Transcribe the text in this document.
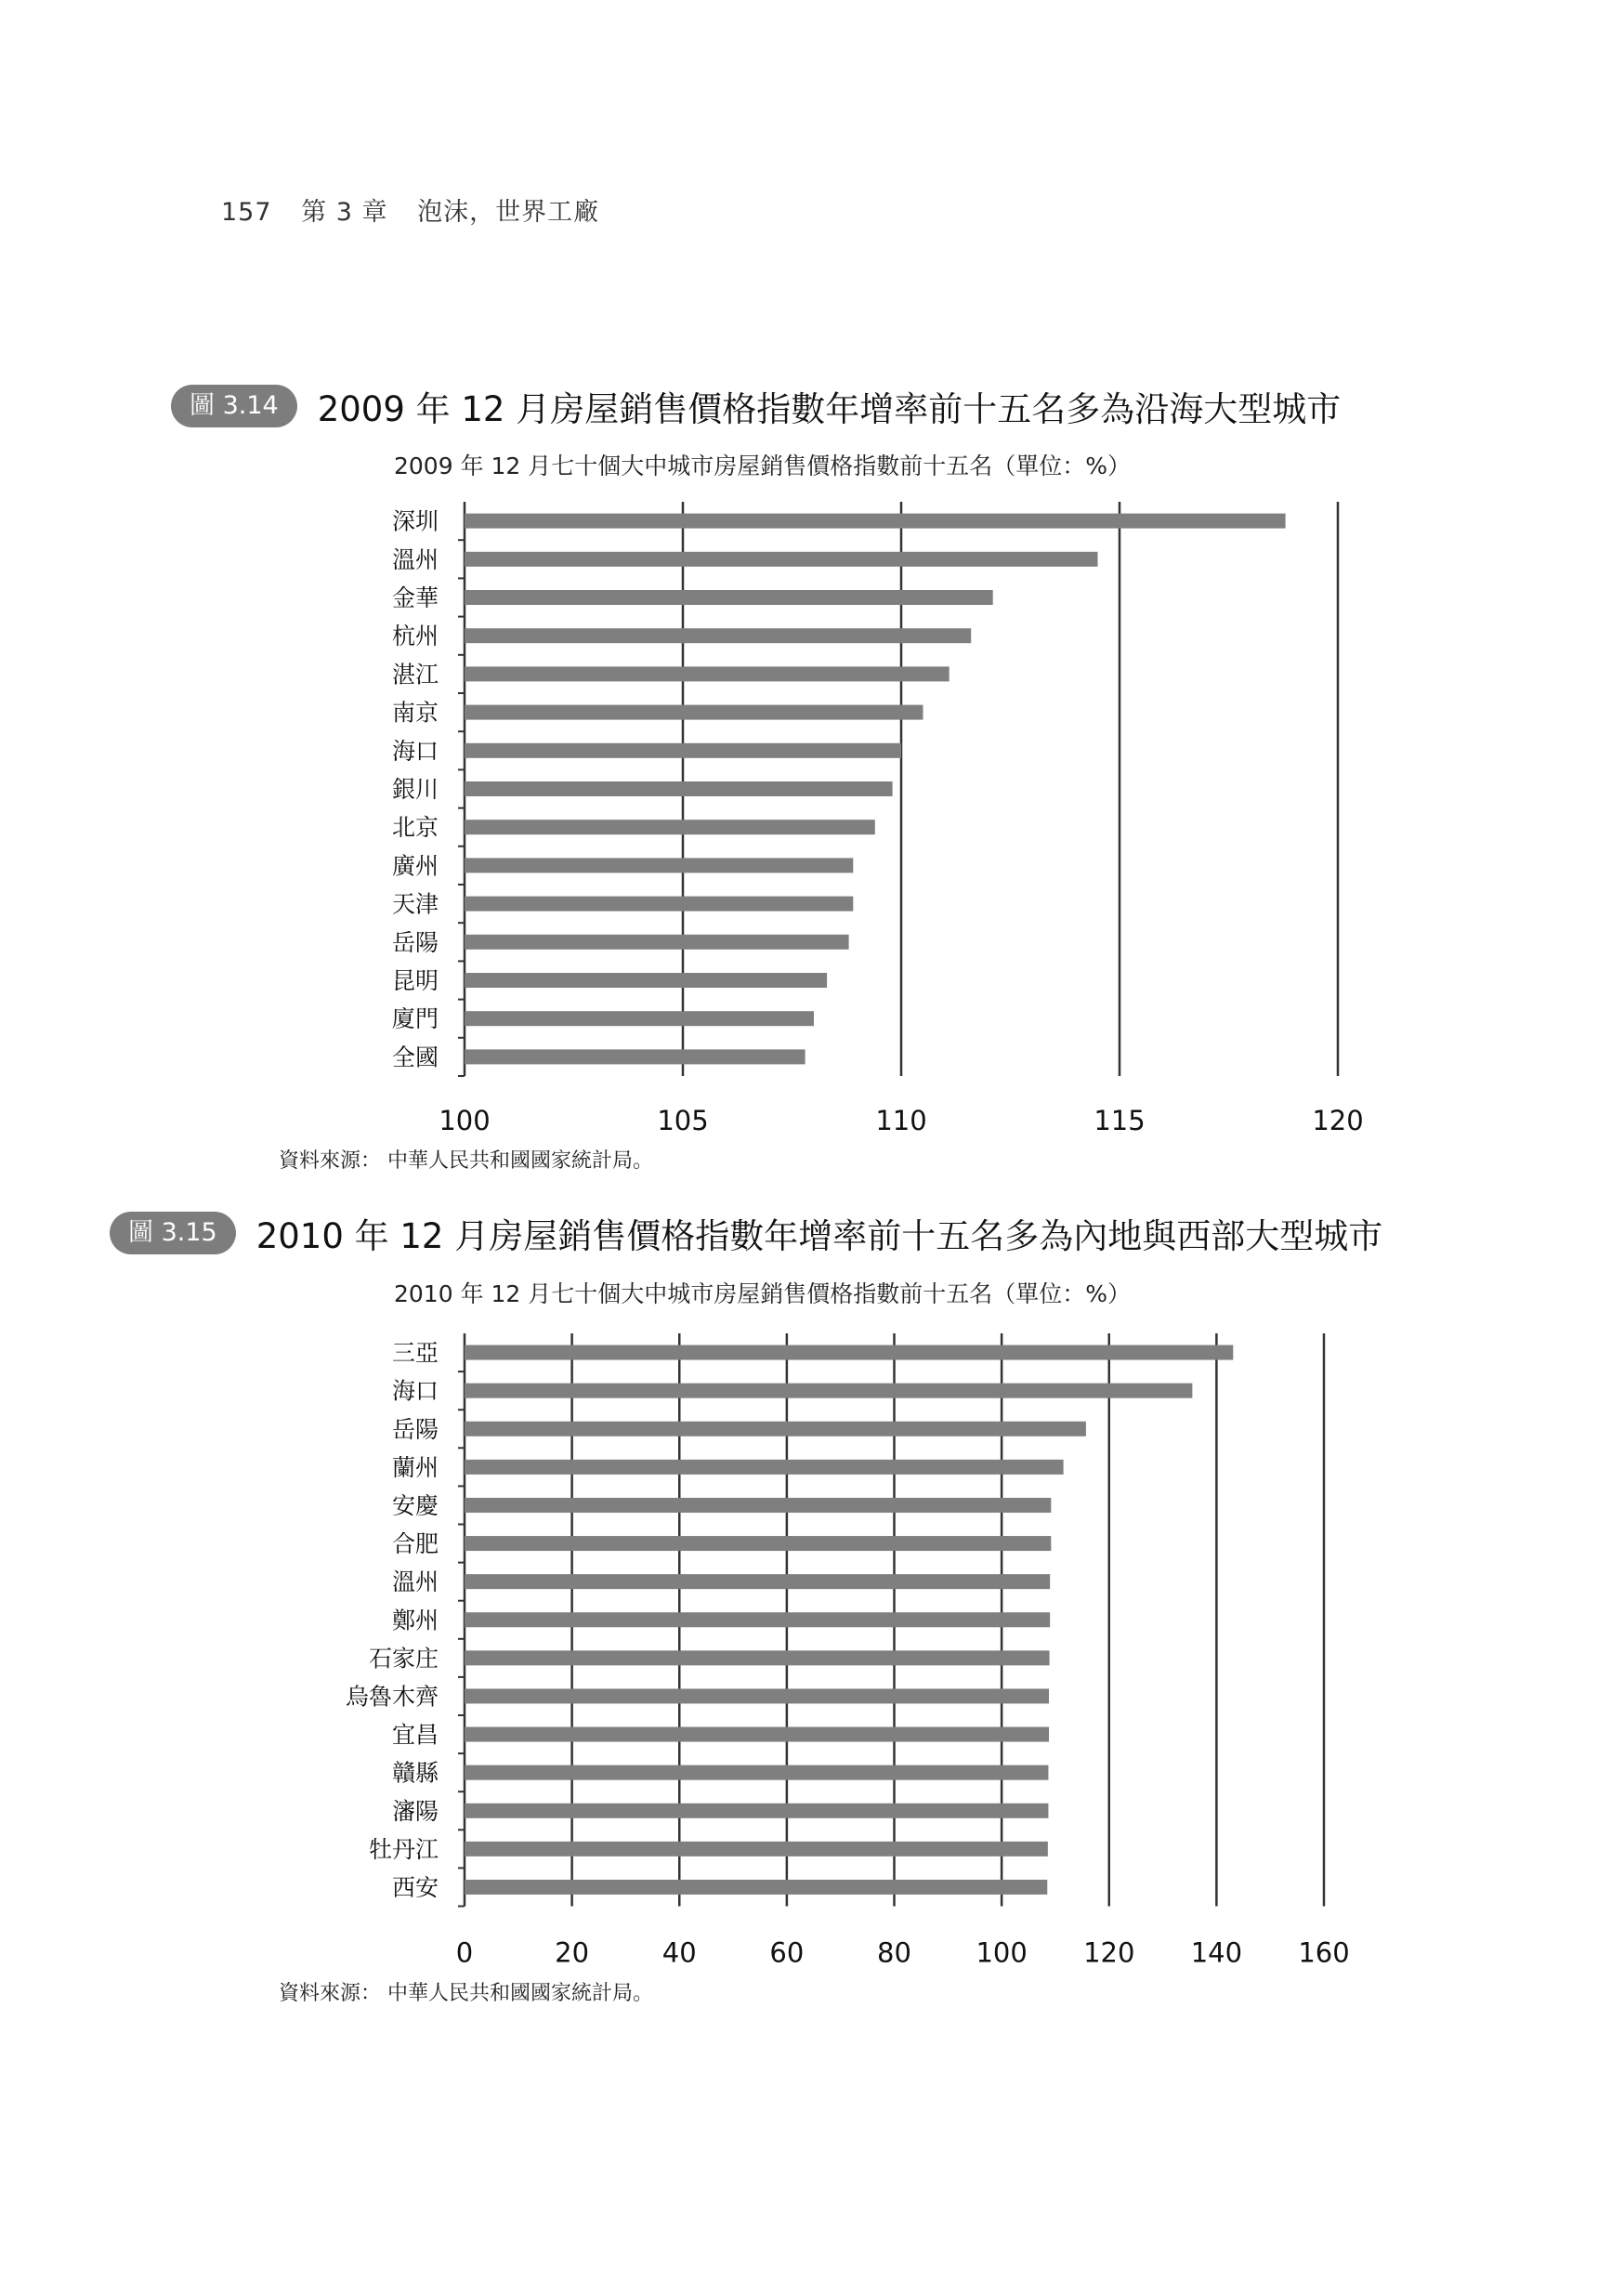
157 第 3 章 泡沫，世界工廠
圖 3.14	2009 年 12 月房屋銷售價格指數年增率前十五名多為沿海大型城市
2009 年 12 月七十個大中城市房屋銷售價格指數前十五名（單位：%）
100	105	110	115	120
深圳
溫州
金華
杭州
湛江
南京
海口
銀川
北京
廣州
天津
岳陽
昆明
廈門
全國
資料來源： 中華人民共和國國家統計局。
圖 3.15	2010 年 12 月房屋銷售價格指數年增率前十五名多為內地與西部大型城市
2010 年 12 月七十個大中城市房屋銷售價格指數前十五名（單位：%）
0	20	40	60	80 100 120 140 160
三亞
海口
岳陽
蘭州
安慶
合肥
溫州
鄭州
石家庄
烏魯木齊
宜昌
贛縣
瀋陽
牡丹江
西安
資料來源： 中華人民共和國國家統計局。
